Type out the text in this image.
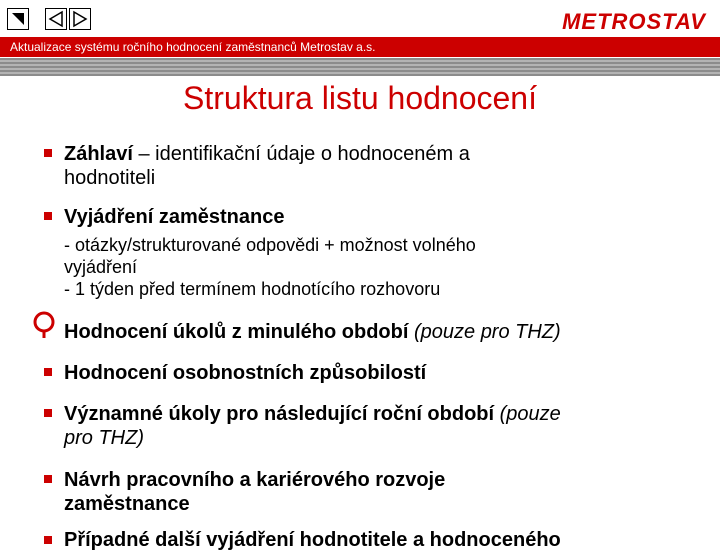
METROSTAV
Aktualizace systému ročního hodnocení zaměstnanců Metrostav a.s.
Struktura listu hodnocení
Záhlaví – identifikační údaje o hodnoceném a
hodnotiteli
Vyjádření zaměstnance
- otázky/strukturované odpovědi + možnost volného
vyjádření
- 1 týden před termínem hodnotícího rozhovoru
Hodnocení úkolů z minulého období (pouze pro THZ)
Hodnocení osobnostních způsobilostí
Významné úkoly pro následující roční období (pouze
pro THZ)
Návrh pracovního a kariérového rozvoje
zaměstnance
Případné další vyjádření hodnotitele a hodnoceného
